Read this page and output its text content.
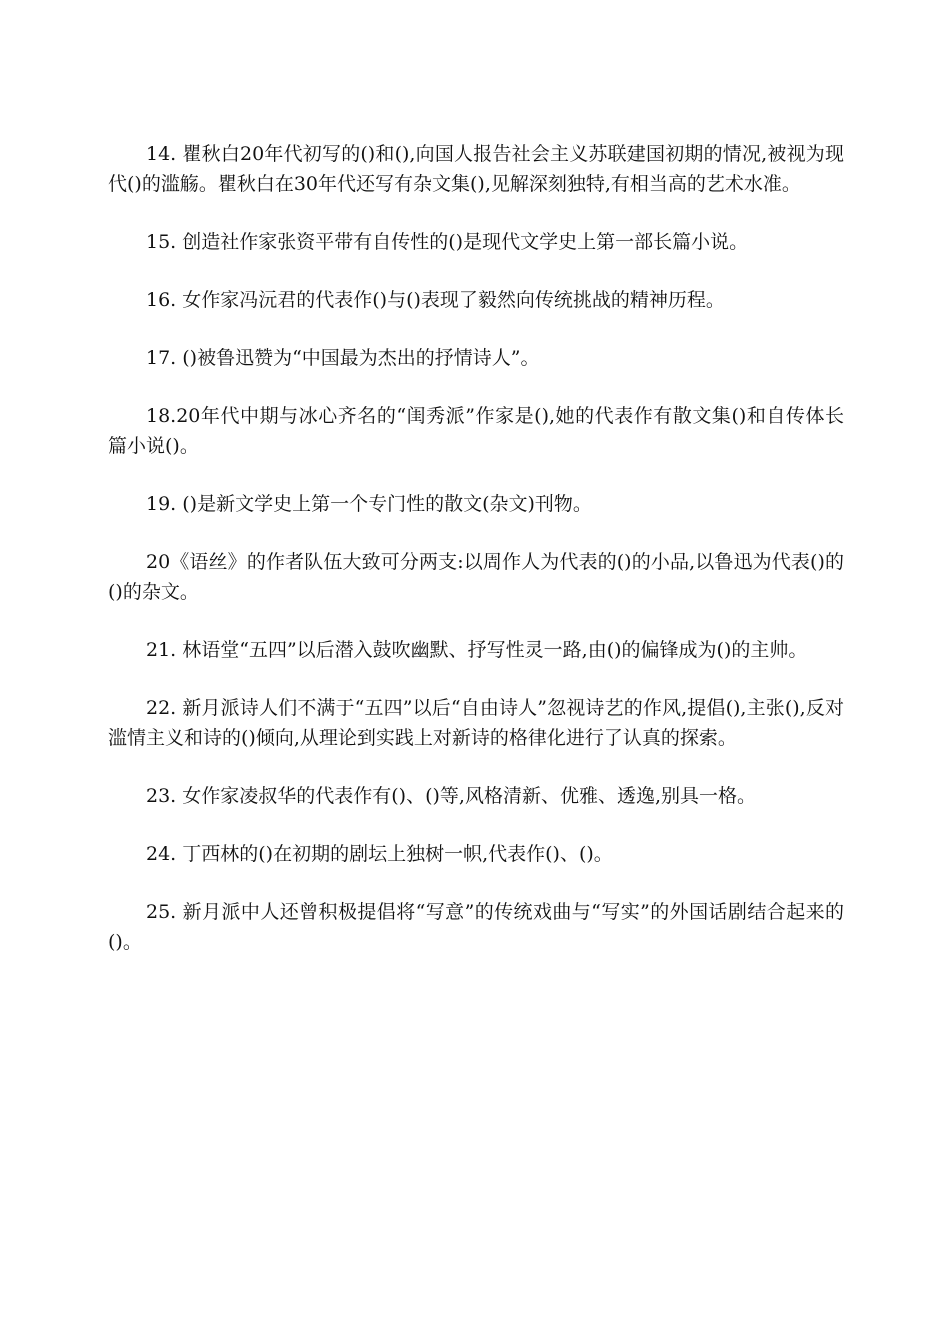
14. 瞿秋白20年代初写的()和(),向国人报告社会主义苏联建国初期的情况,被视为现代()的滥觞。瞿秋白在30年代还写有杂文集(),见解深刻独特,有相当高的艺术水准。

15. 创造社作家张资平带有自传性的()是现代文学史上第一部长篇小说。

16. 女作家冯沅君的代表作()与()表现了毅然向传统挑战的精神历程。

17. ()被鲁迅赞为“中国最为杰出的抒情诗人”。

18.20年代中期与冰心齐名的“闺秀派”作家是(),她的代表作有散文集()和自传体长篇小说()。

19. ()是新文学史上第一个专门性的散文(杂文)刊物。

20《语丝》的作者队伍大致可分两支:以周作人为代表的()的小品,以鲁迅为代表()的()的杂文。

21. 林语堂“五四”以后潜入鼓吹幽默、抒写性灵一路,由()的偏锋成为()的主帅。

22. 新月派诗人们不满于“五四”以后“自由诗人”忽视诗艺的作风,提倡(),主张(),反对滥情主义和诗的()倾向,从理论到实践上对新诗的格律化进行了认真的探索。

23. 女作家凌叔华的代表作有()、()等,风格清新、优雅、透逸,别具一格。

24. 丁西林的()在初期的剧坛上独树一帜,代表作()、()。

25. 新月派中人还曾积极提倡将“写意”的传统戏曲与“写实”的外国话剧结合起来的()。
